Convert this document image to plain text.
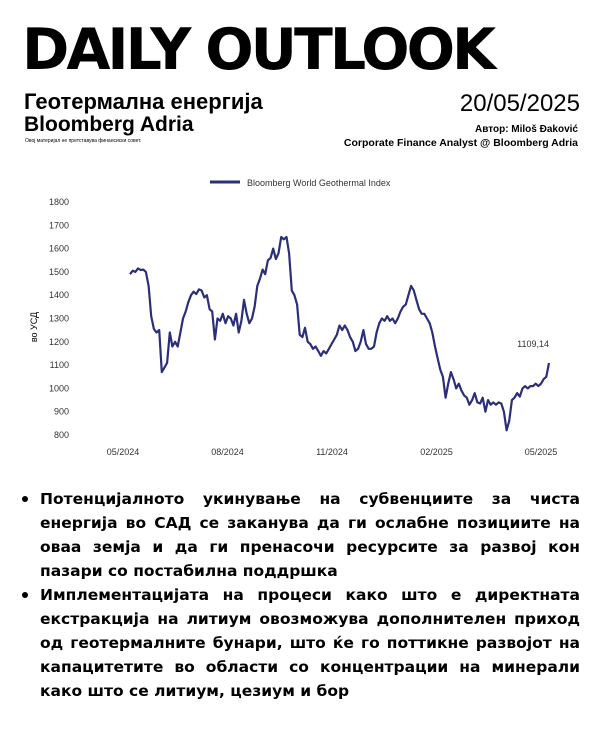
DAILY OUTLOOK
Геотермална енергија
Bloomberg Adria
Овој материјал не претставува финансиски совет.
20/05/2025
Автор: Miloš Đaković
Corporate Finance Analyst @ Bloomberg Adria
Bloomberg World Geothermal Index
во УСД
800
900
1000
1100
1200
1300
1400
1500
1600
1700
1800
05/2024	08/2024	11/2024	02/2025	05/2025
1109,14
Потенцијалното укинување на субвенциите за чиста енергија во САД се заканува да ги ослабне позициите на оваа земја и да ги пренасочи ресурсите за развој кон пазари со постабилна поддршка
Имплементацијата на процеси како што е директната екстракција на литиум овозможува дополнителен приход од геотермалните бунари, што ќе го поттикне развојот на капацитетите во области со концентрации на минерали како што се литиум, цезиум и бор
